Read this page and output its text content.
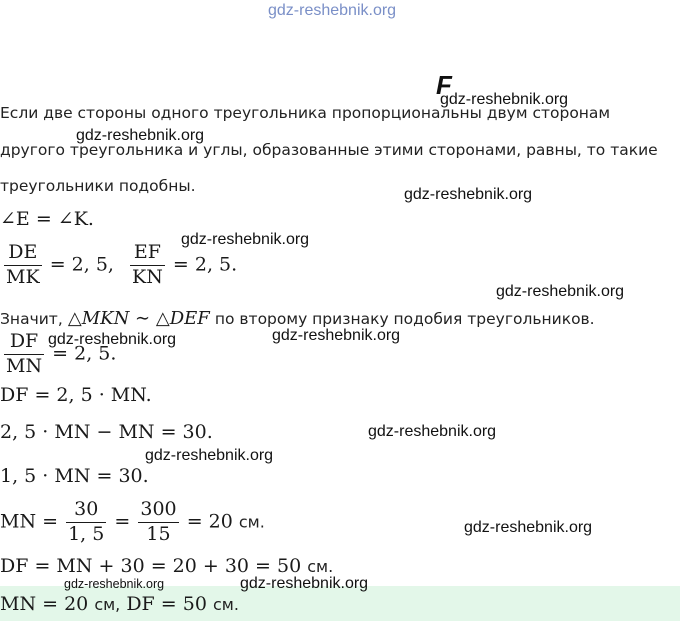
gdz-reshebnik.org
F
gdz-reshebnik.org
gdz-reshebnik.org
gdz-reshebnik.org
gdz-reshebnik.org
gdz-reshebnik.org
gdz-reshebnik.org
gdz-reshebnik.org
gdz-reshebnik.org
gdz-reshebnik.org
gdz-reshebnik.org
gdz-reshebnik.org	gdz-reshebnik.org
Если две стороны одного треугольника пропорциональны двум сторонам
другого треугольника и углы, образованные этими сторонами, равны, то такие
треугольники подобны.
∠E = ∠K.
$\frac{DE}{MK} = 2$, 5, $\frac{EF}{KN} = 2$, 5.
Значит, △MKN ∼ △DEF по второму признаку подобия треугольников.
$\frac{DF}{MN} = 2$, 5.
DF = 2, 5 · MN.
2, 5 · MN − MN = 30.
1, 5 · MN = 30.
MN = $\frac{30}{1, 5} = \frac{300}{15} = 20$ см.
DF = MN + 30 = 20 + 30 = 50 см.
MN = 20 см, DF = 50 см.
